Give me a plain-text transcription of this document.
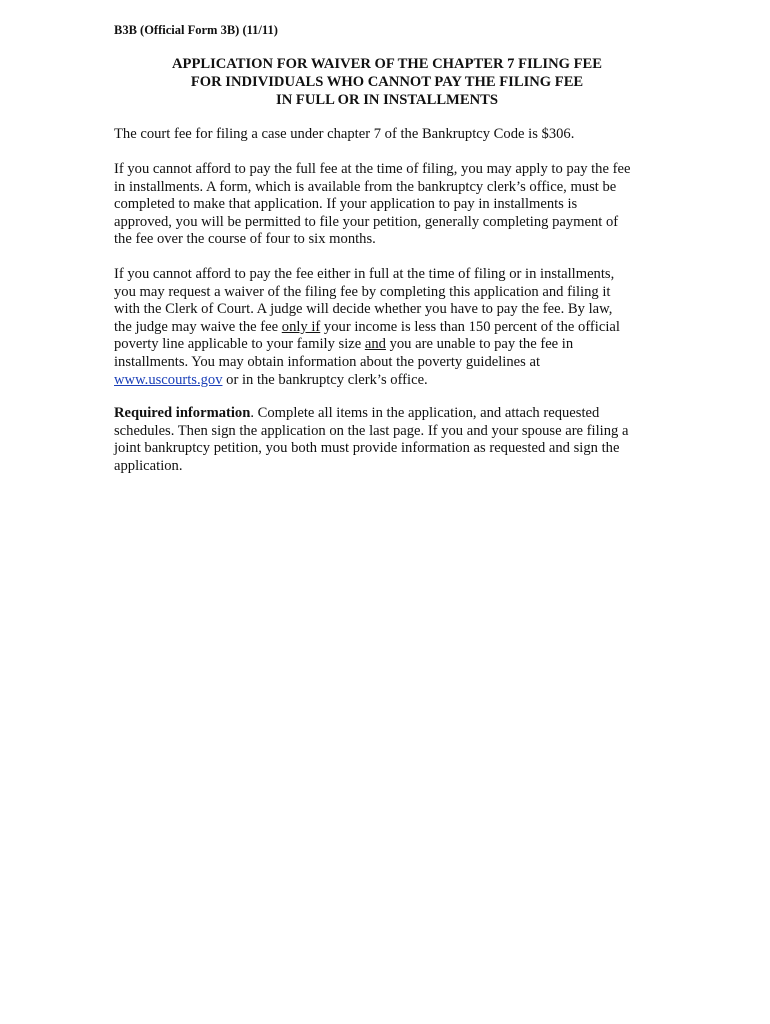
B3B (Official Form 3B) (11/11)
APPLICATION FOR WAIVER OF THE CHAPTER 7 FILING FEE
FOR INDIVIDUALS WHO CANNOT PAY THE FILING FEE
IN FULL OR IN INSTALLMENTS
The court fee for filing a case under chapter 7 of the Bankruptcy Code is $306.
If you cannot afford to pay the full fee at the time of filing, you may apply to pay the fee
in installments. A form, which is available from the bankruptcy clerk’s office, must be
completed to make that application. If your application to pay in installments is
approved, you will be permitted to file your petition, generally completing payment of
the fee over the course of four to six months.
If you cannot afford to pay the fee either in full at the time of filing or in installments,
you may request a waiver of the filing fee by completing this application and filing it
with the Clerk of Court. A judge will decide whether you have to pay the fee. By law,
the judge may waive the fee only if your income is less than 150 percent of the official
poverty line applicable to your family size and you are unable to pay the fee in
installments. You may obtain information about the poverty guidelines at
www.uscourts.gov or in the bankruptcy clerk’s office.
Required information. Complete all items in the application, and attach requested
schedules. Then sign the application on the last page. If you and your spouse are filing a
joint bankruptcy petition, you both must provide information as requested and sign the
application.
